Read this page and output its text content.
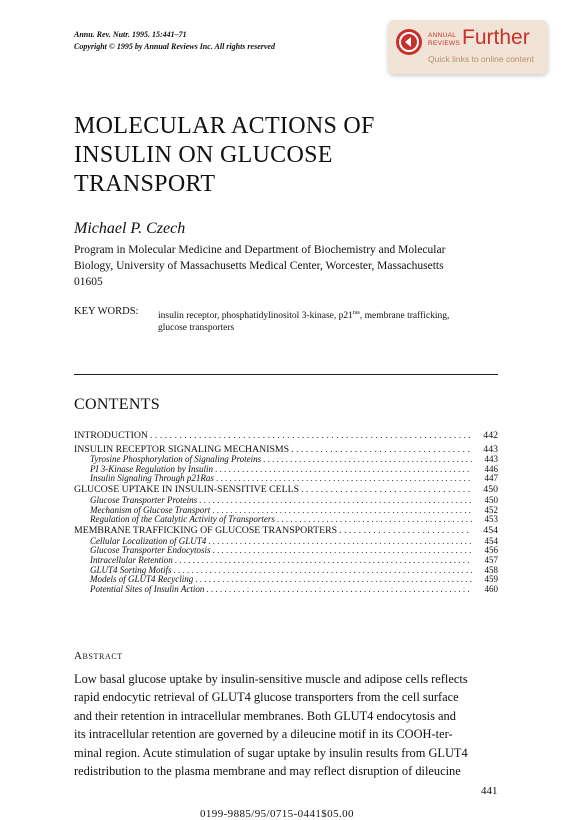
Annu. Rev. Nutr. 1995. 15:441–71
Copyright © 1995 by Annual Reviews Inc. All rights reserved
ANNUAL
REVIEWS Further
Quick links to online content
MOLECULAR ACTIONS OF
INSULIN ON GLUCOSE
TRANSPORT
Michael P. Czech
Program in Molecular Medicine and Department of Biochemistry and Molecular
Biology, University of Massachusetts Medical Center, Worcester, Massachusetts
01605
KEY WORDS: insulin receptor, phosphatidylinositol 3-kinase, $p21^{ras}$, membrane trafficking,
glucose transporters
CONTENTS
INTRODUCTION . . .	442
INSULIN RECEPTOR SIGNALING MECHANISMS . . .	443
Tyrosine Phosphorylation of Signaling Proteins . . .	443
PI 3-Kinase Regulation by Insulin . . .	446
Insulin Signaling Through p21Ras . . .	447
GLUCOSE UPTAKE IN INSULIN-SENSITIVE CELLS . . .	450
Glucose Transporter Proteins . . .	450
Mechanism of Glucose Transport . . .	452
Regulation of the Catalytic Activity of Transporters . . .	453
MEMBRANE TRAFFICKING OF GLUCOSE TRANSPORTERS . . .	454
Cellular Localization of GLUT4 . . .	454
Glucose Transporter Endocytosis . . .	456
Intracellular Retention . . .	457
GLUT4 Sorting Motifs . . .	458
Models of GLUT4 Recycling . . .	459
Potential Sites of Insulin Action . . .	460
Abstract
Low basal glucose uptake by insulin-sensitive muscle and adipose cells reflects
rapid endocytic retrieval of GLUT4 glucose transporters from the cell surface
and their retention in intracellular membranes. Both GLUT4 endocytosis and
its intracellular retention are governed by a dileucine motif in its COOH-ter-
minal region. Acute stimulation of sugar uptake by insulin results from GLUT4
redistribution to the plasma membrane and may reflect disruption of dileucine
441
0199-9885/95/0715-0441$05.00
